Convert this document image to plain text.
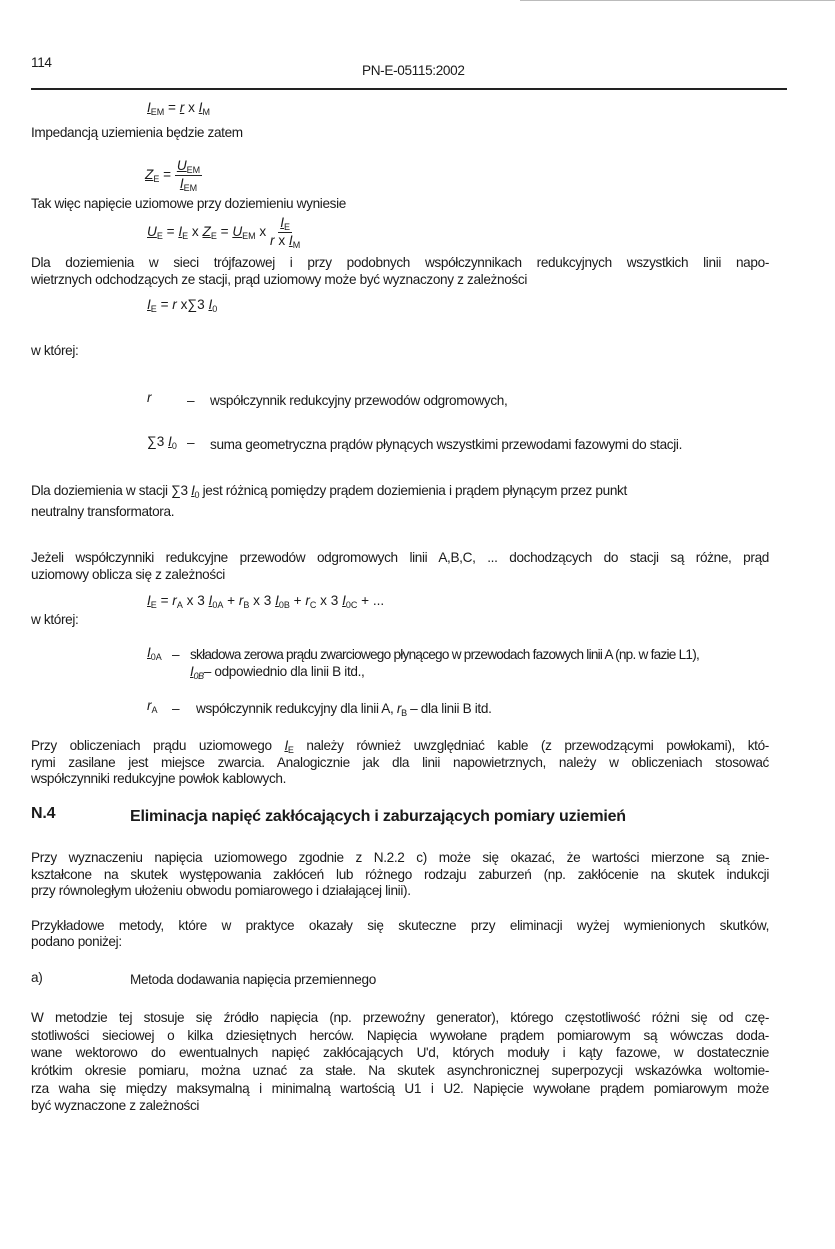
114
PN-E-05115:2002
$I_{EM} = r$ x $I_M$
Impedancją uziemienia będzie zatem
$Z_E = \frac{U_{EM}}{I_{EM}}$
Tak więc napięcie uziomowe przy doziemieniu wyniesie
$U_E = I_E$ x $Z_E = U_{EM}$ x $\frac{I_E}{r x I_M}$
Dla doziemienia w sieci trójfazowej i przy podobnych współczynnikach redukcyjnych wszystkich linii napo-
wietrznych odchodzących ze stacji, prąd uziomowy może być wyznaczony z zależności
$I_E = r$ x∑3 $I_0$
w której:
r	– współczynnik redukcyjny przewodów odgromowych,
∑3 $I_0$ – suma geometryczna prądów płynących wszystkimi przewodami fazowymi do stacji.
Dla doziemienia w stacji ∑3 $I_0$ jest różnicą pomiędzy prądem doziemienia i prądem płynącym przez punkt
neutralny transformatora.
Jeżeli współczynniki redukcyjne przewodów odgromowych linii A,B,C, ... dochodzących do stacji są różne, prąd
uziomowy oblicza się z zależności
$I_E = r_A$ x 3 $I_{0A} + r_B$ x 3 $I_{0B} + r_C$ x 3 $I_{0C}$ + ...
w której:
$I_{0A}$ – składowa zerowa prądu zwarciowego płynącego w przewodach fazowych linii A (np. w fazie L1),
$I_{0B}-$ odpowiednio dla linii B itd.,
$r_A$ – współczynnik redukcyjny dla linii A, $r_B$ – dla linii B itd.
Przy obliczeniach prądu uziomowego $I_E$ należy również uwzględniać kable (z przewodzącymi powłokami), któ-
rymi zasilane jest miejsce zwarcia. Analogicznie jak dla linii napowietrznych, należy w obliczeniach stosować
współczynniki redukcyjne powłok kablowych.
N.4	Eliminacja napięć zakłócających i zaburzających pomiary uziemień
Przy wyznaczeniu napięcia uziomowego zgodnie z N.2.2 c) może się okazać, że wartości mierzone są znie-
kształcone na skutek występowania zakłóceń lub różnego rodzaju zaburzeń (np. zakłócenie na skutek indukcji
przy równoległym ułożeniu obwodu pomiarowego i działającej linii).
Przykładowe metody, które w praktyce okazały się skuteczne przy eliminacji wyżej wymienionych skutków,
podano poniżej:
a)	Metoda dodawania napięcia przemiennego
W metodzie tej stosuje się źródło napięcia (np. przewoźny generator), którego częstotliwość różni się od czę-
stotliwości sieciowej o kilka dziesiętnych herców. Napięcia wywołane prądem pomiarowym są wówczas doda-
wane wektorowo do ewentualnych napięć zakłócających U'd, których moduły i kąty fazowe, w dostatecznie
krótkim okresie pomiaru, można uznać za stałe. Na skutek asynchronicznej superpozycji wskazówka woltomie-
rza waha się między maksymalną i minimalną wartością U1 i U2. Napięcie wywołane prądem pomiarowym może
być wyznaczone z zależności
